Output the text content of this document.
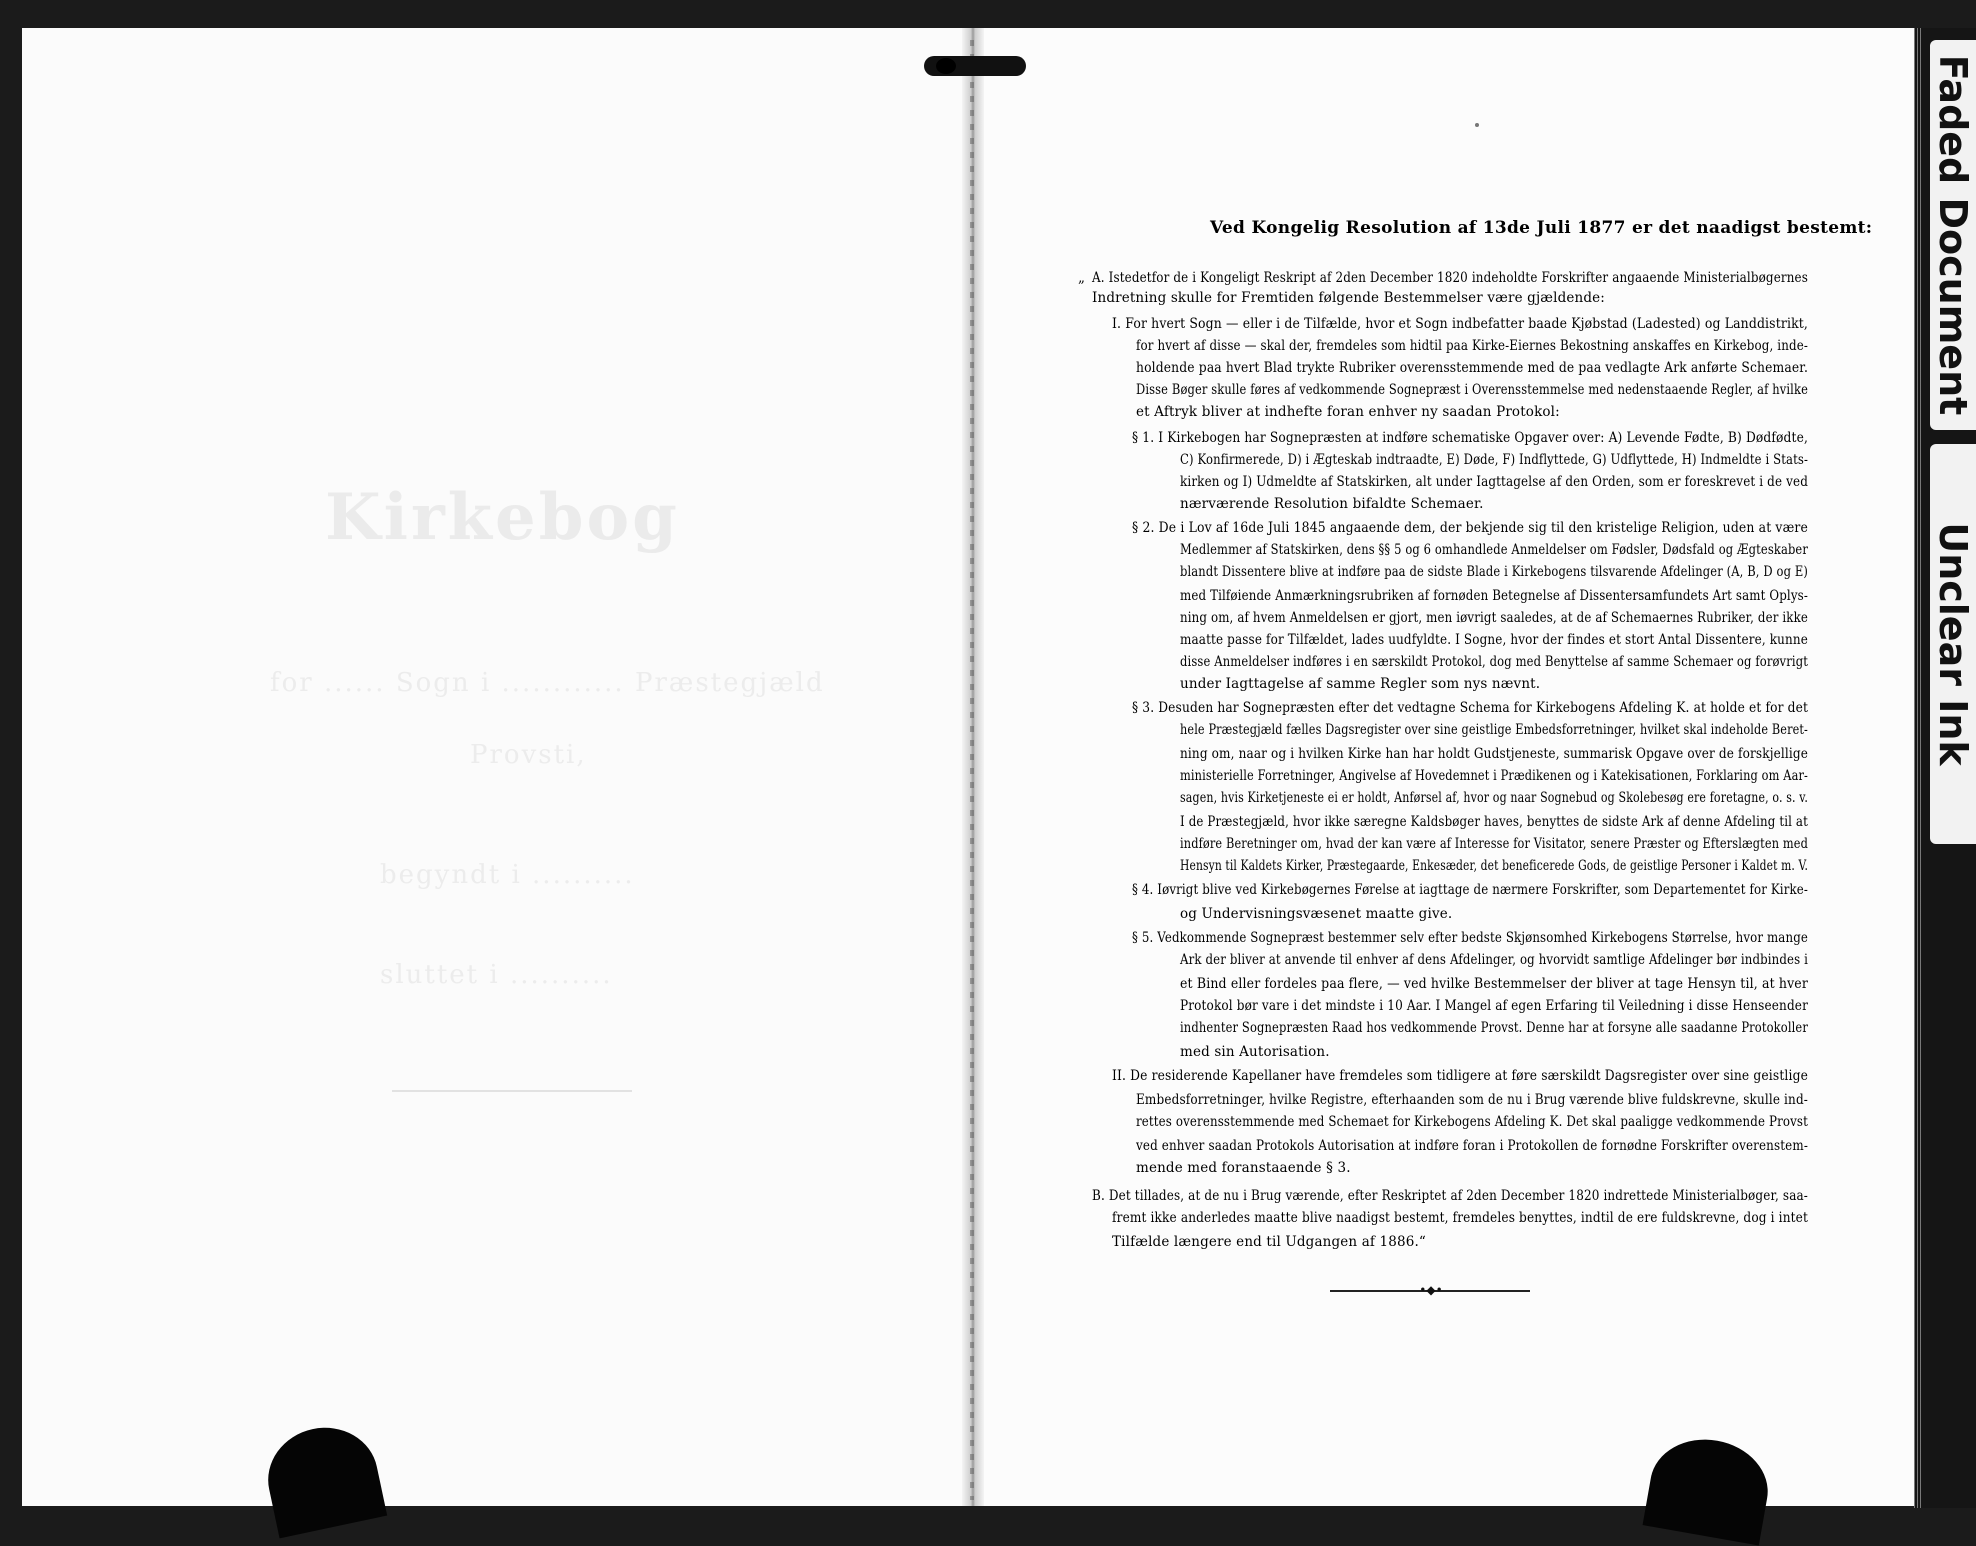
Kirkebog
for ...... Sogn i ............ Præstegjæld
Provsti,
begyndt i ..........
sluttet i ..........
Faded Document
Unclear Ink
Ved Kongelig Resolution af 13de Juli 1877 er det naadigst bestemt:
A. Istedetfor de i Kongeligt Reskript af 2den December 1820 indeholdte Forskrifter angaaende Ministerialbøgernes
„
Indretning skulle for Fremtiden følgende Bestemmelser være gjældende:
I. For hvert Sogn — eller i de Tilfælde, hvor et Sogn indbefatter baade Kjøbstad (Ladested) og Landdistrikt,
for hvert af disse — skal der, fremdeles som hidtil paa Kirke-Eiernes Bekostning anskaffes en Kirkebog, inde-
holdende paa hvert Blad trykte Rubriker overensstemmende med de paa vedlagte Ark anførte Schemaer.
Disse Bøger skulle føres af vedkommende Sognepræst i Overensstemmelse med nedenstaaende Regler, af hvilke
et Aftryk bliver at indhefte foran enhver ny saadan Protokol:
§ 1. I Kirkebogen har Sognepræsten at indføre schematiske Opgaver over: A) Levende Fødte, B) Dødfødte,
C) Konfirmerede, D) i Ægteskab indtraadte, E) Døde, F) Indflyttede, G) Udflyttede, H) Indmeldte i Stats-
kirken og I) Udmeldte af Statskirken, alt under Iagttagelse af den Orden, som er foreskrevet i de ved
nærværende Resolution bifaldte Schemaer.
§ 2. De i Lov af 16de Juli 1845 angaaende dem, der bekjende sig til den kristelige Religion, uden at være
Medlemmer af Statskirken, dens §§ 5 og 6 omhandlede Anmeldelser om Fødsler, Dødsfald og Ægteskaber
blandt Dissentere blive at indføre paa de sidste Blade i Kirkebogens tilsvarende Afdelinger (A, B, D og E)
med Tilføiende Anmærkningsrubriken af fornøden Betegnelse af Dissentersamfundets Art samt Oplys-
ning om, af hvem Anmeldelsen er gjort, men iøvrigt saaledes, at de af Schemaernes Rubriker, der ikke
maatte passe for Tilfældet, lades uudfyldte. I Sogne, hvor der findes et stort Antal Dissentere, kunne
disse Anmeldelser indføres i en særskildt Protokol, dog med Benyttelse af samme Schemaer og forøvrigt
under Iagttagelse af samme Regler som nys nævnt.
§ 3. Desuden har Sognepræsten efter det vedtagne Schema for Kirkebogens Afdeling K. at holde et for det
hele Præstegjæld fælles Dagsregister over sine geistlige Embedsforretninger, hvilket skal indeholde Beret-
ning om, naar og i hvilken Kirke han har holdt Gudstjeneste, summarisk Opgave over de forskjellige
ministerielle Forretninger, Angivelse af Hovedemnet i Prædikenen og i Katekisationen, Forklaring om Aar-
sagen, hvis Kirketjeneste ei er holdt, Anførsel af, hvor og naar Sognebud og Skolebesøg ere foretagne, o. s. v.
I de Præstegjæld, hvor ikke særegne Kaldsbøger haves, benyttes de sidste Ark af denne Afdeling til at
indføre Beretninger om, hvad der kan være af Interesse for Visitator, senere Præster og Efterslægten med
Hensyn til Kaldets Kirker, Præstegaarde, Enkesæder, det beneficerede Gods, de geistlige Personer i Kaldet m. V.
§ 4. Iøvrigt blive ved Kirkebøgernes Førelse at iagttage de nærmere Forskrifter, som Departementet for Kirke-
og Undervisningsvæsenet maatte give.
§ 5. Vedkommende Sognepræst bestemmer selv efter bedste Skjønsomhed Kirkebogens Størrelse, hvor mange
Ark der bliver at anvende til enhver af dens Afdelinger, og hvorvidt samtlige Afdelinger bør indbindes i
et Bind eller fordeles paa flere, — ved hvilke Bestemmelser der bliver at tage Hensyn til, at hver
Protokol bør vare i det mindste i 10 Aar. I Mangel af egen Erfaring til Veiledning i disse Henseender
indhenter Sognepræsten Raad hos vedkommende Provst. Denne har at forsyne alle saadanne Protokoller
med sin Autorisation.
II. De residerende Kapellaner have fremdeles som tidligere at føre særskildt Dagsregister over sine geistlige
Embedsforretninger, hvilke Registre, efterhaanden som de nu i Brug værende blive fuldskrevne, skulle ind-
rettes overensstemmende med Schemaet for Kirkebogens Afdeling K. Det skal paaligge vedkommende Provst
ved enhver saadan Protokols Autorisation at indføre foran i Protokollen de fornødne Forskrifter overenstem-
mende med foranstaaende § 3.
B. Det tillades, at de nu i Brug værende, efter Reskriptet af 2den December 1820 indrettede Ministerialbøger, saa-
fremt ikke anderledes maatte blive naadigst bestemt, fremdeles benyttes, indtil de ere fuldskrevne, dog i intet
Tilfælde længere end til Udgangen af 1886.“
•◆•
